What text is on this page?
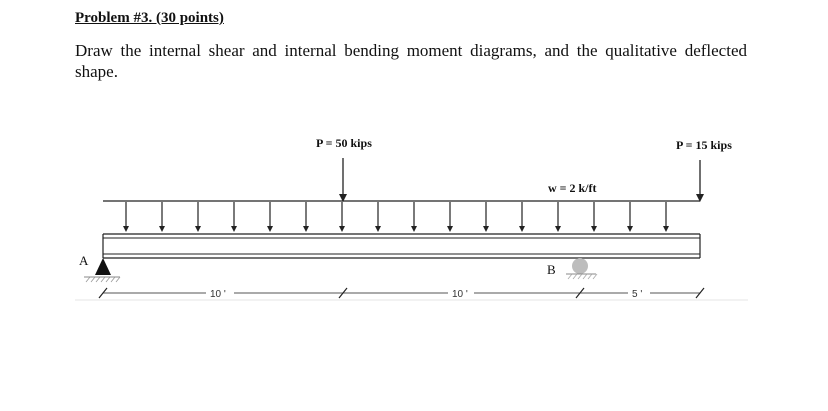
Problem #3. (30 points)
Draw the internal shear and internal bending moment diagrams, and the qualitative deflected shape.
P = 50 kips	P = 15 kips
w = 2 k/ft
A
B
10 '	10 '	5 '
